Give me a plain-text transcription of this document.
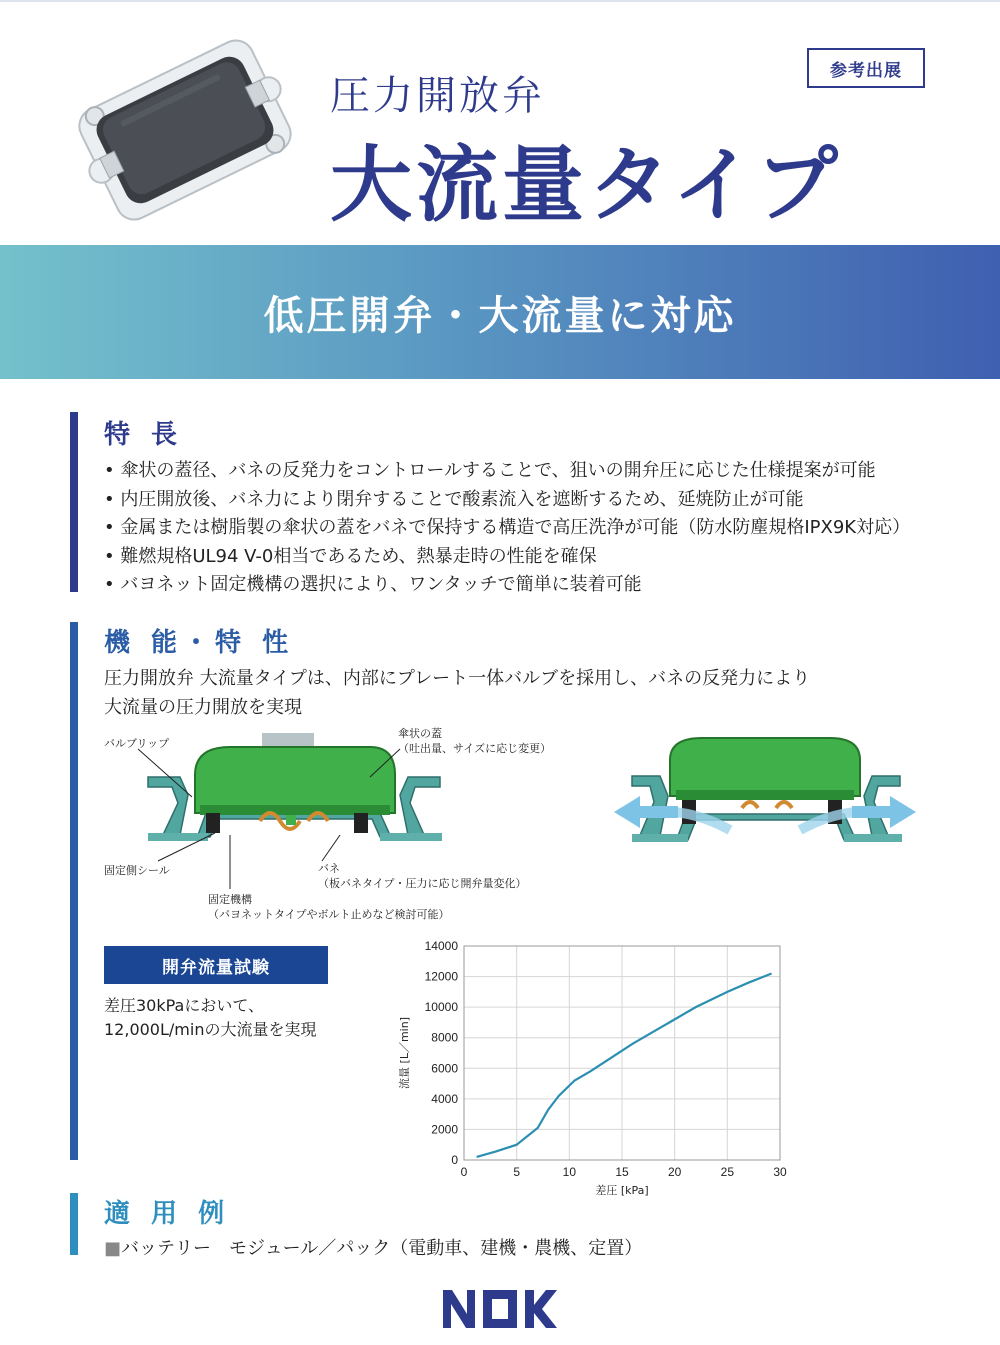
参考出展
圧力開放弁
大流量タイプ
低圧開弁・大流量に対応
特 長
• 傘状の蓋径、バネの反発力をコントロールすることで、狙いの開弁圧に応じた仕様提案が可能
• 内圧開放後、バネ力により閉弁することで酸素流入を遮断するため、延焼防止が可能
• 金属または樹脂製の傘状の蓋をバネで保持する構造で高圧洗浄が可能（防水防塵規格IPX9K対応）
• 難燃規格UL94 V-0相当であるため、熱暴走時の性能を確保
• バヨネット固定機構の選択により、ワンタッチで簡単に装着可能
機 能・特 性
圧力開放弁 大流量タイプは、内部にプレート一体バルブを採用し、バネの反発力により
大流量の圧力開放を実現
バルブリップ
傘状の蓋
（吐出量、サイズに応じ変更）
固定側シール	バネ
（板バネタイプ・圧力に応じ開弁量変化）
固定機構
（バヨネットタイプやボルト止めなど検討可能）
開弁流量試験
差圧30kPaにおいて、
12,000L/minの大流量を実現
0	5	10	15	20	25	30
0
2000
4000
6000
8000
10000
12000
14000
差圧 [kPa]
流量 [L／min]
適 用 例
■バッテリー　モジュール／パック（電動車、建機・農機、定置）
